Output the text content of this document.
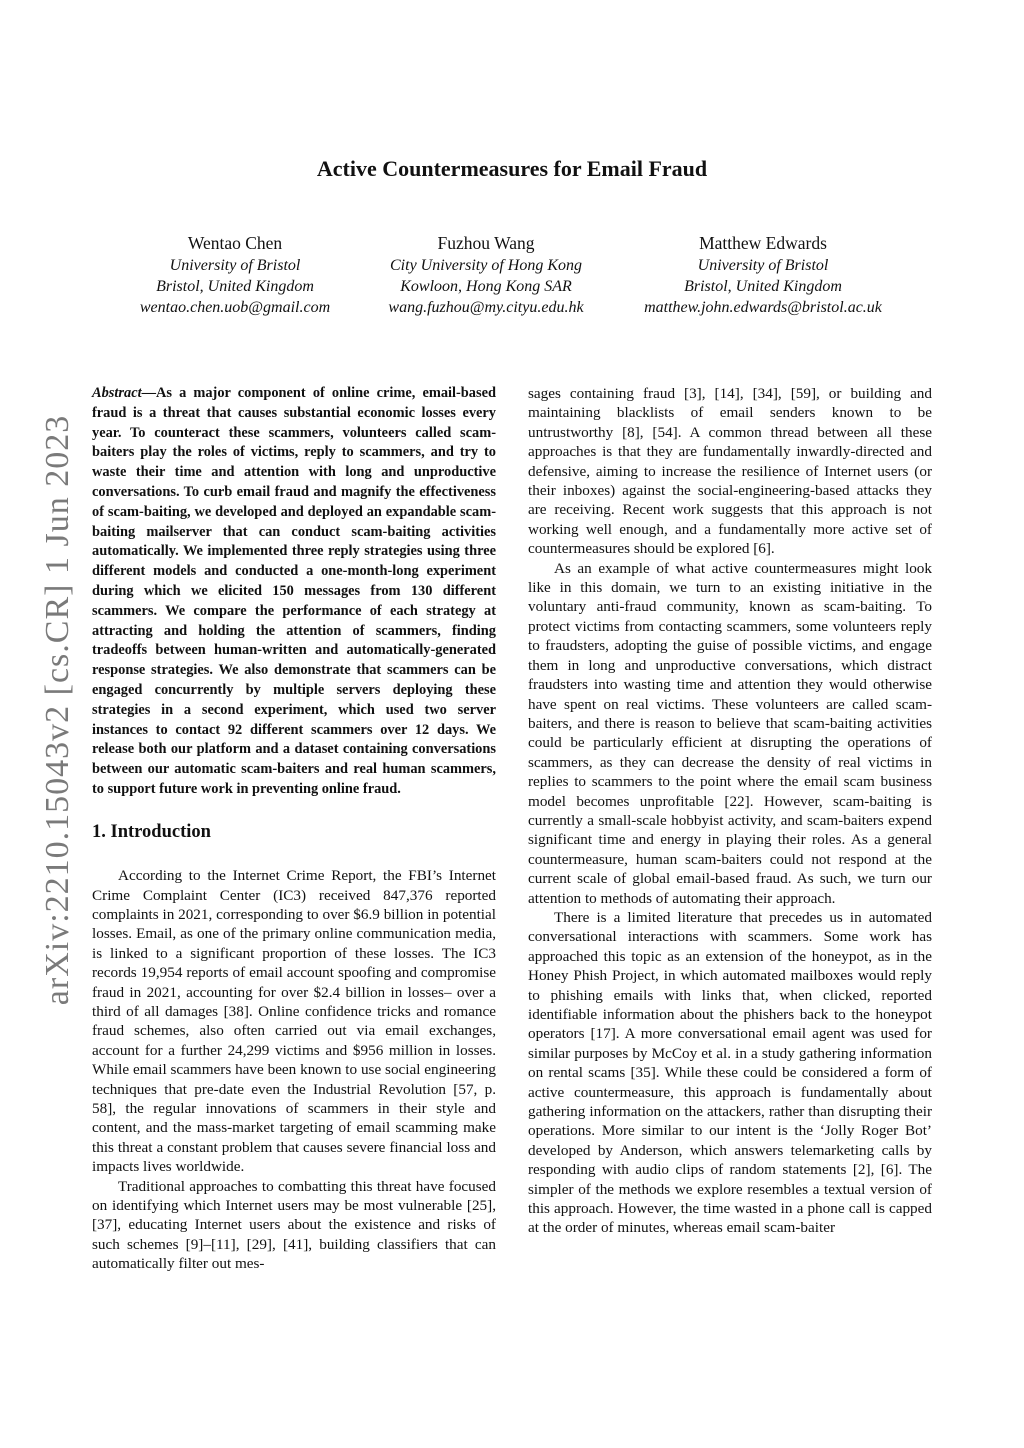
arXiv:2210.15043v2 [cs.CR] 1 Jun 2023
Active Countermeasures for Email Fraud
Wentao Chen
University of Bristol
Bristol, United Kingdom
wentao.chen.uob@gmail.com
Fuzhou Wang
City University of Hong Kong
Kowloon, Hong Kong SAR
wang.fuzhou@my.cityu.edu.hk
Matthew Edwards
University of Bristol
Bristol, United Kingdom
matthew.john.edwards@bristol.ac.uk

Abstract—As a major component of online crime, email-based fraud is a threat that causes substantial economic losses every year. To counteract these scammers, volunteers called scam-baiters play the roles of victims, reply to scammers, and try to waste their time and attention with long and unproductive conversations. To curb email fraud and magnify the effectiveness of scam-baiting, we developed and deployed an expandable scam-baiting mailserver that can conduct scam-baiting activities automatically. We implemented three reply strategies using three different models and conducted a one-month-long experiment during which we elicited 150 messages from 130 different scammers. We compare the performance of each strategy at attracting and holding the attention of scammers, finding tradeoffs between human-written and automatically-generated response strategies. We also demonstrate that scammers can be engaged concurrently by multiple servers deploying these strategies in a second experiment, which used two server instances to contact 92 different scammers over 12 days. We release both our platform and a dataset containing conversations between our automatic scam-baiters and real human scammers, to support future work in preventing online fraud.

1. Introduction

According to the Internet Crime Report, the FBI’s Internet Crime Complaint Center (IC3) received 847,376 reported complaints in 2021, corresponding to over $6.9 billion in potential losses. Email, as one of the primary online communication media, is linked to a significant proportion of these losses. The IC3 records 19,954 reports of email account spoofing and compromise fraud in 2021, accounting for over $2.4 billion in losses– over a third of all damages [38]. Online confidence tricks and romance fraud schemes, also often carried out via email exchanges, account for a further 24,299 victims and $956 million in losses. While email scammers have been known to use social engineering techniques that pre-date even the Industrial Revolution [57, p. 58], the regular innovations of scammers in their style and content, and the mass-market targeting of email scamming make this threat a constant problem that causes severe financial loss and impacts lives worldwide.

Traditional approaches to combatting this threat have focused on identifying which Internet users may be most vulnerable [25], [37], educating Internet users about the existence and risks of such schemes [9]–[11], [29], [41], building classifiers that can automatically filter out mes-

sages containing fraud [3], [14], [34], [59], or building and maintaining blacklists of email senders known to be untrustworthy [8], [54]. A common thread between all these approaches is that they are fundamentally inwardly-directed and defensive, aiming to increase the resilience of Internet users (or their inboxes) against the social-engineering-based attacks they are receiving. Recent work suggests that this approach is not working well enough, and a fundamentally more active set of countermeasures should be explored [6].

As an example of what active countermeasures might look like in this domain, we turn to an existing initiative in the voluntary anti-fraud community, known as scam-baiting. To protect victims from contacting scammers, some volunteers reply to fraudsters, adopting the guise of possible victims, and engage them in long and unproductive conversations, which distract fraudsters into wasting time and attention they would otherwise have spent on real victims. These volunteers are called scam-baiters, and there is reason to believe that scam-baiting activities could be particularly efficient at disrupting the operations of scammers, as they can decrease the density of real victims in replies to scammers to the point where the email scam business model becomes unprofitable [22]. However, scam-baiting is currently a small-scale hobbyist activity, and scam-baiters expend significant time and energy in playing their roles. As a general countermeasure, human scam-baiters could not respond at the current scale of global email-based fraud. As such, we turn our attention to methods of automating their approach.

There is a limited literature that precedes us in automated conversational interactions with scammers. Some work has approached this topic as an extension of the honeypot, as in the Honey Phish Project, in which automated mailboxes would reply to phishing emails with links that, when clicked, reported identifiable information about the phishers back to the honeypot operators [17]. A more conversational email agent was used for similar purposes by McCoy et al. in a study gathering information on rental scams [35]. While these could be considered a form of active countermeasure, this approach is fundamentally about gathering information on the attackers, rather than disrupting their operations. More similar to our intent is the ‘Jolly Roger Bot’ developed by Anderson, which answers telemarketing calls by responding with audio clips of random statements [2], [6]. The simpler of the methods we explore resembles a textual version of this approach. However, the time wasted in a phone call is capped at the order of minutes, whereas email scam-baiter
